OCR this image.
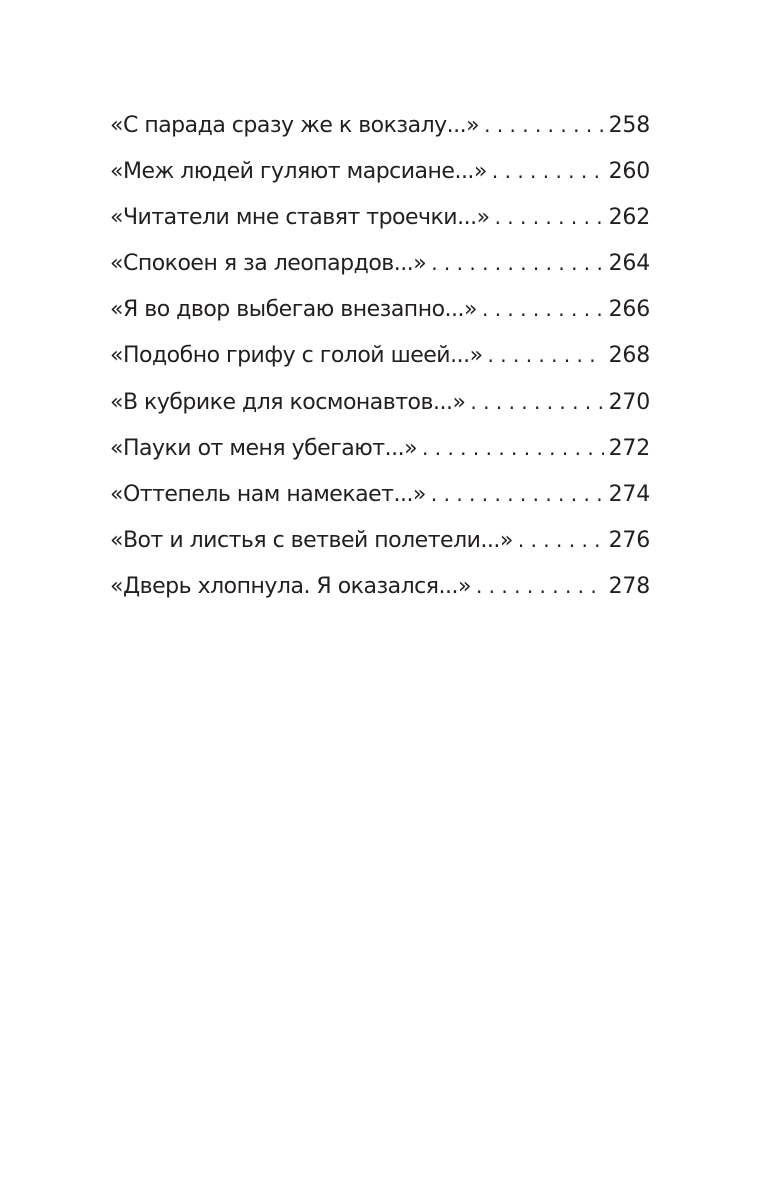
«С парада сразу же к вокзалу...» . . .	258
«Меж людей гуляют марсиане...» . . .	260
«Читатели мне ставят троечки...» . . .	262
«Спокоен я за леопардов...» . . .	264
«Я во двор выбегаю внезапно...» . . .	266
«Подобно грифу с голой шеей...» . . .	268
«В кубрике для космонавтов...» . . .	270
«Пауки от меня убегают...» . . .	272
«Оттепель нам намекает...» . . .	274
«Вот и листья с ветвей полетели...» . . .	276
«Дверь хлопнула. Я оказался...» . . .	278
